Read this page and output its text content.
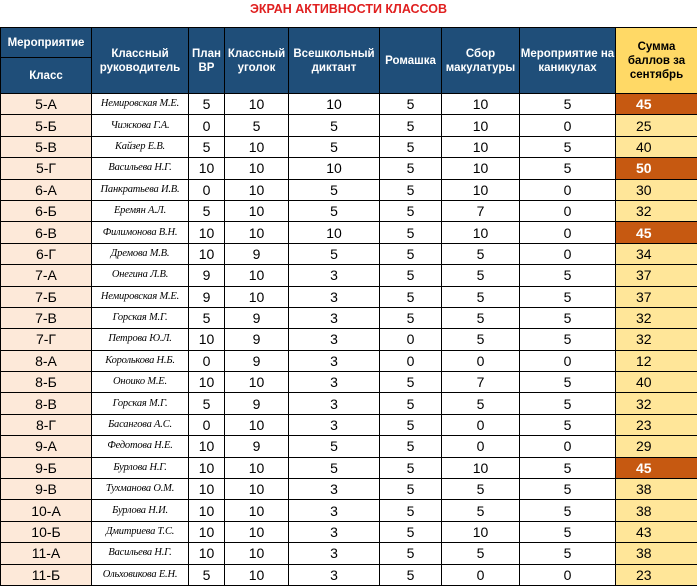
ЭКРАН АКТИВНОСТИ КЛАССОВ
Мероприятие	Классный руководитель	План ВР	Классный уголок	Всешкольный диктант	Ромашка	Сбор макулатуры	Мероприятие на каникулах	Сумма баллов за сентябрь
Класс								
5-А	Немировская М.Е.	5	10	10	5	10	5	45
5-Б	Чижкова Г.А.	0	5	5	5	10	0	25
5-В	Кайзер Е.В.	5	10	5	5	10	5	40
5-Г	Васильева Н.Г.	10	10	10	5	10	5	50
6-А	Панкратьева И.В.	0	10	5	5	10	0	30
6-Б	Еремян А.Л.	5	10	5	5	7	0	32
6-В	Филимонова В.Н.	10	10	10	5	10	0	45
6-Г	Дремова М.В.	10	9	5	5	5	0	34
7-А	Онегина Л.В.	9	10	3	5	5	5	37
7-Б	Немировская М.Е.	9	10	3	5	5	5	37
7-В	Горская М.Г.	5	9	3	5	5	5	32
7-Г	Петрова Ю.Л.	10	9	3	0	5	5	32
8-А	Королькова Н.Б.	0	9	3	0	0	0	12
8-Б	Оноико М.Е.	10	10	3	5	7	5	40
8-В	Горская М.Г.	5	9	3	5	5	5	32
8-Г	Басангова А.С.	0	10	3	5	0	5	23
9-А	Федотова Н.Е.	10	9	5	5	0	0	29
9-Б	Бурлова Н.Г.	10	10	5	5	10	5	45
9-В	Тухманова О.М.	10	10	3	5	5	5	38
10-А	Бурлова Н.И.	10	10	3	5	5	5	38
10-Б	Дмитриева Т.С.	10	10	3	5	10	5	43
11-А	Васильева Н.Г.	10	10	3	5	5	5	38
11-Б	Ольховикова Е.Н.	5	10	3	5	0	0	23
